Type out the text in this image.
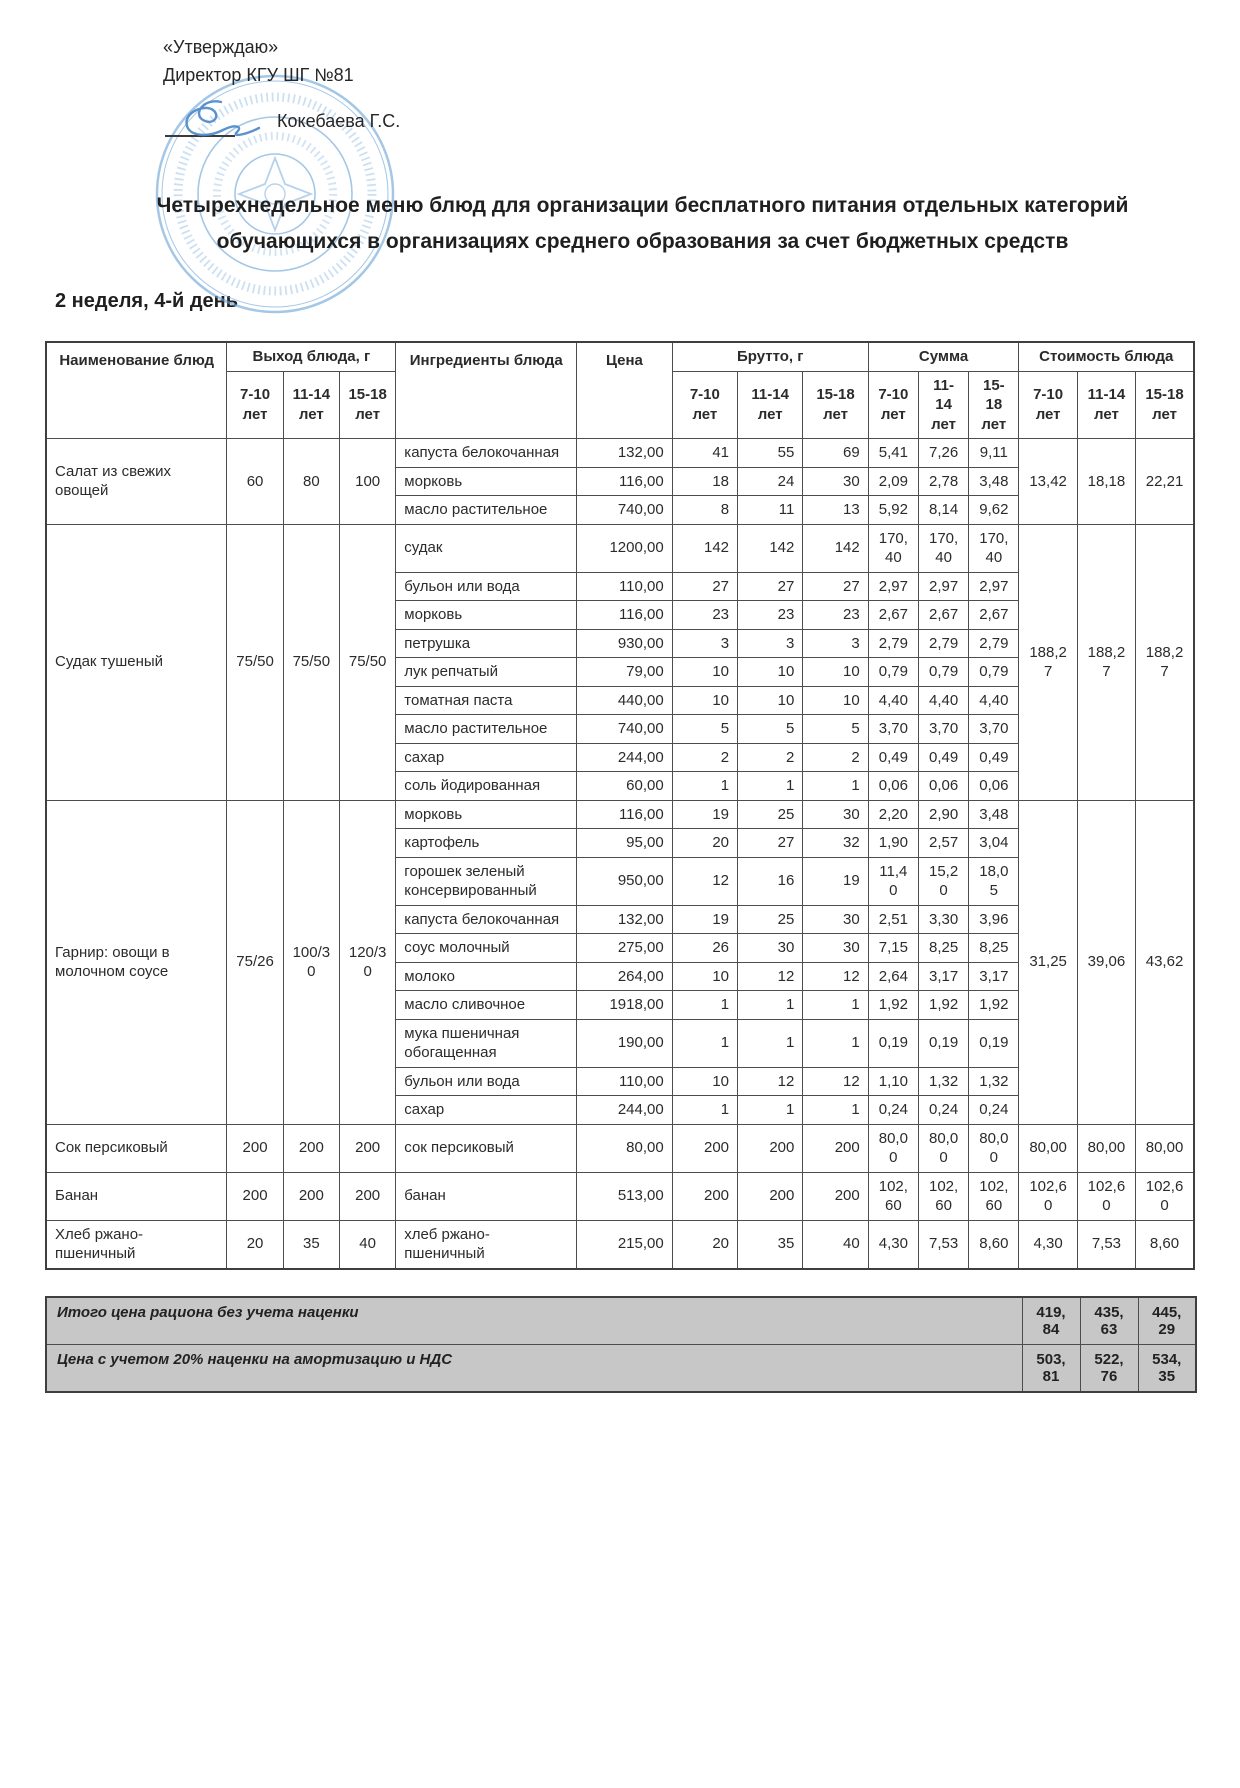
«Утверждаю»
Директор КГУ ШГ №81
Кокебаева Г.С.
Четырехнедельное меню блюд для организации бесплатного питания отдельных категорий обучающихся в организациях среднего образования за счет бюджетных средств
2 неделя, 4-й день
Наименование блюд	Выход блюда, г			Ингредиенты блюда	Цена	Брутто, г			Сумма			Стоимость блюда		
	7-10 лет	11-14 лет	15-18 лет			7-10 лет	11-14 лет	15-18 лет	7-10 лет	11-14 лет	15-18 лет	7-10 лет	11-14 лет	15-18 лет
Салат из свежих овощей	60	80	100	капуста белокочанная	132,00	41	55	69	5,41	7,26	9,11	13,42	18,18	22,21
				морковь	116,00	18	24	30	2,09	2,78	3,48			
				масло растительное	740,00	8	11	13	5,92	8,14	9,62			
Судак тушеный	75/50	75/50	75/50	судак	1200,00	142	142	142	170,40	170,40	170,40	188,27	188,27	188,27
				бульон или вода	110,00	27	27	27	2,97	2,97	2,97			
				морковь	116,00	23	23	23	2,67	2,67	2,67			
				петрушка	930,00	3	3	3	2,79	2,79	2,79			
				лук репчатый	79,00	10	10	10	0,79	0,79	0,79			
				томатная паста	440,00	10	10	10	4,40	4,40	4,40			
				масло растительное	740,00	5	5	5	3,70	3,70	3,70			
				сахар	244,00	2	2	2	0,49	0,49	0,49			
				соль йодированная	60,00	1	1	1	0,06	0,06	0,06			
Гарнир: овощи в молочном соусе	75/26	100/30	120/30	морковь	116,00	19	25	30	2,20	2,90	3,48	31,25	39,06	43,62
				картофель	95,00	20	27	32	1,90	2,57	3,04			
				горошек зеленый консервированный	950,00	12	16	19	11,40	15,20	18,05			
				капуста белокочанная	132,00	19	25	30	2,51	3,30	3,96			
				соус молочный	275,00	26	30	30	7,15	8,25	8,25			
				молоко	264,00	10	12	12	2,64	3,17	3,17			
				масло сливочное	1918,00	1	1	1	1,92	1,92	1,92			
				мука пшеничная обогащенная	190,00	1	1	1	0,19	0,19	0,19			
				бульон или вода	110,00	10	12	12	1,10	1,32	1,32			
				сахар	244,00	1	1	1	0,24	0,24	0,24			
Сок персиковый	200	200	200	сок персиковый	80,00	200	200	200	80,00	80,00	80,00	80,00	80,00	80,00
Банан	200	200	200	банан	513,00	200	200	200	102,60	102,60	102,60	102,60	102,60	102,60
Хлеб ржано-пшеничный	20	35	40	хлеб ржано-пшеничный	215,00	20	35	40	4,30	7,53	8,60	4,30	7,53	8,60
Итого цена рациона без учета наценки	419,84	435,63	445,29
Цена с учетом 20% наценки на амортизацию и НДС	503,81	522,76	534,35
